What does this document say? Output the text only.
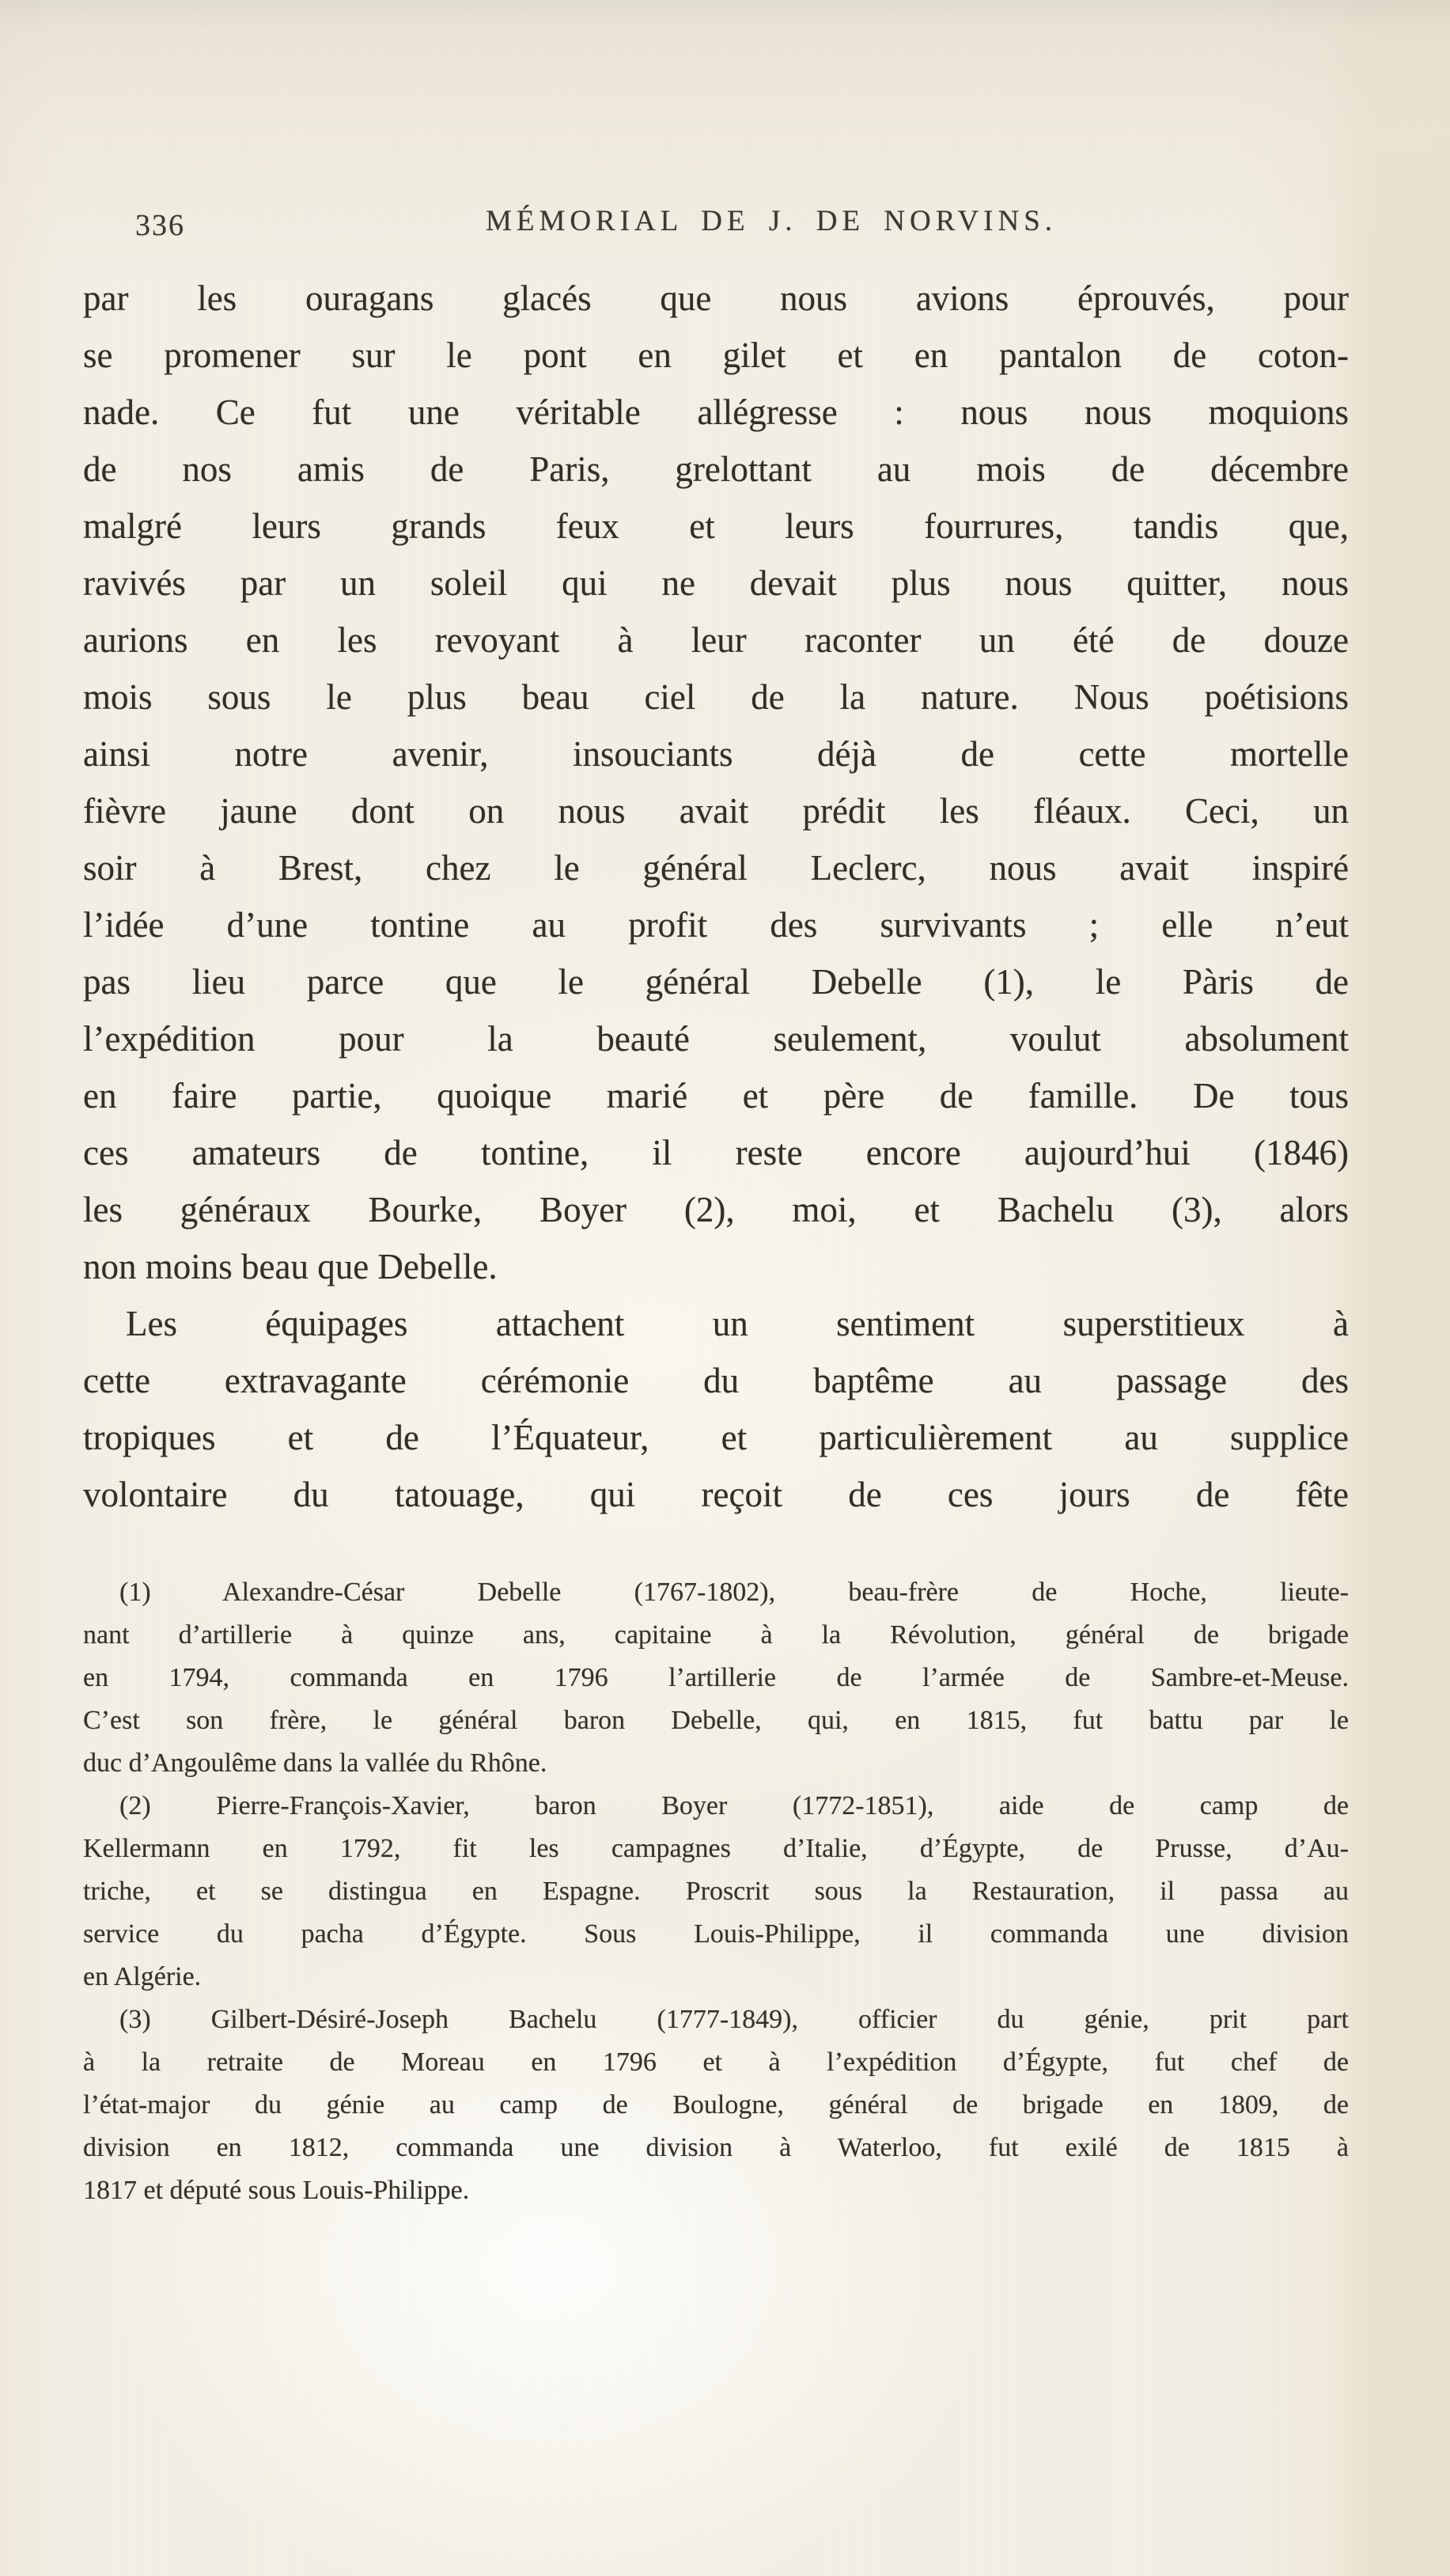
336	MÉMORIAL DE J. DE NORVINS.
par les ouragans glacés que nous avions éprouvés, pour
se promener sur le pont en gilet et en pantalon de coton-
nade. Ce fut une véritable allégresse : nous nous moquions
de nos amis de Paris, grelottant au mois de décembre
malgré leurs grands feux et leurs fourrures, tandis que,
ravivés par un soleil qui ne devait plus nous quitter, nous
aurions en les revoyant à leur raconter un été de douze
mois sous le plus beau ciel de la nature. Nous poétisions
ainsi notre avenir, insouciants déjà de cette mortelle
fièvre jaune dont on nous avait prédit les fléaux. Ceci, un
soir à Brest, chez le général Leclerc, nous avait inspiré
l’idée d’une tontine au profit des survivants ; elle n’eut
pas lieu parce que le général Debelle (1), le Pàris de
l’expédition pour la beauté seulement, voulut absolument
en faire partie, quoique marié et père de famille. De tous
ces amateurs de tontine, il reste encore aujourd’hui (1846)
les généraux Bourke, Boyer (2), moi, et Bachelu (3), alors
non moins beau que Debelle.
Les équipages attachent un sentiment superstitieux à
cette extravagante cérémonie du baptême au passage des
tropiques et de l’Équateur, et particulièrement au supplice
volontaire du tatouage, qui reçoit de ces jours de fête
(1) Alexandre-César Debelle (1767-1802), beau-frère de Hoche, lieute-
nant d’artillerie à quinze ans, capitaine à la Révolution, général de brigade
en 1794, commanda en 1796 l’artillerie de l’armée de Sambre-et-Meuse.
C’est son frère, le général baron Debelle, qui, en 1815, fut battu par le
duc d’Angoulême dans la vallée du Rhône.
(2) Pierre-François-Xavier, baron Boyer (1772-1851), aide de camp de
Kellermann en 1792, fit les campagnes d’Italie, d’Égypte, de Prusse, d’Au-
triche, et se distingua en Espagne. Proscrit sous la Restauration, il passa au
service du pacha d’Égypte. Sous Louis-Philippe, il commanda une division
en Algérie.
(3) Gilbert-Désiré-Joseph Bachelu (1777-1849), officier du génie, prit part
à la retraite de Moreau en 1796 et à l’expédition d’Égypte, fut chef de
l’état-major du génie au camp de Boulogne, général de brigade en 1809, de
division en 1812, commanda une division à Waterloo, fut exilé de 1815 à
1817 et député sous Louis-Philippe.
